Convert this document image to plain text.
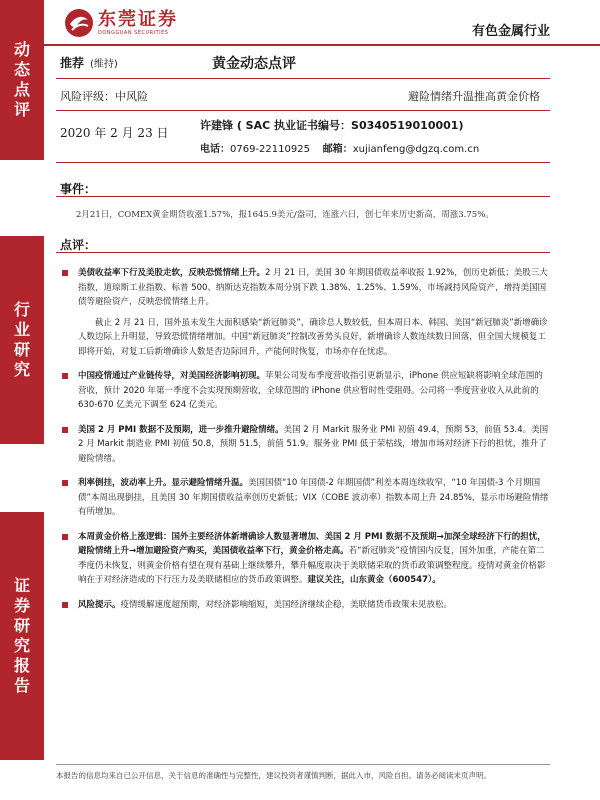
动态点评
行业研究
证券研究报告
东莞证券
DONGGUAN SECURITIES	有色金属行业
推荐 (维持)	黄金动态点评
风险评级：中风险	避险情绪升温推高黄金价格
2020 年 2 月 23 日
许建锋 ( SAC 执业证书编号：S0340519010001)
电话：0769-22110925 邮箱：xujianfeng@dgzq.com.cn
事件：
2月21日，COMEX黄金期货收涨1.57%，报1645.9美元/盎司，连涨六日，创七年来历史新高，周涨3.75%。
点评：
美债收益率下行及美股走软，反映恐慌情绪上升。2 月 21 日，美国 30 年期国债收益率收报 1.92%，创历史新低；美股三大指数，道琼斯工业指数、标普 500、纳斯达克指数本周分别下跌 1.38%、1.25%、1.59%，市场减持风险资产，增持美国国债等避险资产，反映恐慌情绪上升。
截止 2 月 21 日，国外虽未发生大面积感染“新冠肺炎”，确诊总人数较低，但本周日本、韩国、美国“新冠肺炎”新增确诊人数边际上升明显，导致恐慌情绪增加。中国“新冠肺炎”控制改善势头良好，新增确诊人数连续数日回落，但全国大规模复工即将开始，对复工后新增确诊人数是否边际回升，产能何时恢复，市场亦存在忧虑。
中国疫情通过产业链传导，对美国经济影响初现。苹果公司发布季度营收指引更新显示，iPhone 供应短缺将影响全球范围的营收，预计 2020 年第一季度不会实现预期营收，全球范围的 iPhone 供应暂时性受阻碍。公司将一季度营业收入从此前的 630-670 亿美元下调至 624 亿美元。
美国 2 月 PMI 数据不及预期，进一步推升避险情绪。美国 2 月 Markit 服务业 PMI 初值 49.4，预期 53，前值 53.4。美国 2 月 Markit 制造业 PMI 初值 50.8，预期 51.5，前值 51.9。服务业 PMI 低于荣枯线，增加市场对经济下行的担忧，推升了避险情绪。
利率倒挂，波动率上升。显示避险情绪升温。美国国债“10 年国债-2 年期国债”利差本周连续收窄，“10 年国债-3 个月期国债”本周出现倒挂，且美国 30 年期国债收益率创历史新低；VIX（COBE 波动率）指数本周上升 24.85%，显示市场避险情绪有所增加。
本周黄金价格上涨逻辑：国外主要经济体新增确诊人数显著增加、美国 2 月 PMI 数据不及预期→加深全球经济下行的担忧，避险情绪上升→增加避险资产购买，美国债收益率下行，黄金价格走高。若“新冠肺炎”疫情国内反复，国外加重，产能在第二季度仍未恢复，则黄金价格有望在现有基础上继续攀升，攀升幅度取决于美联储采取的货币政策调整程度。疫情对黄金价格影响在于对经济造成的下行压力及美联储相应的货币政策调整。建议关注，山东黄金（600547）。
风险提示。疫情缓解速度超预期，对经济影响缩短，美国经济继续企稳，美联储货币政策未见放松。
本报告的信息均来自已公开信息，关于信息的准确性与完整性，建议投资者谨慎判断，据此入市，风险自担。请务必阅读末页声明。
